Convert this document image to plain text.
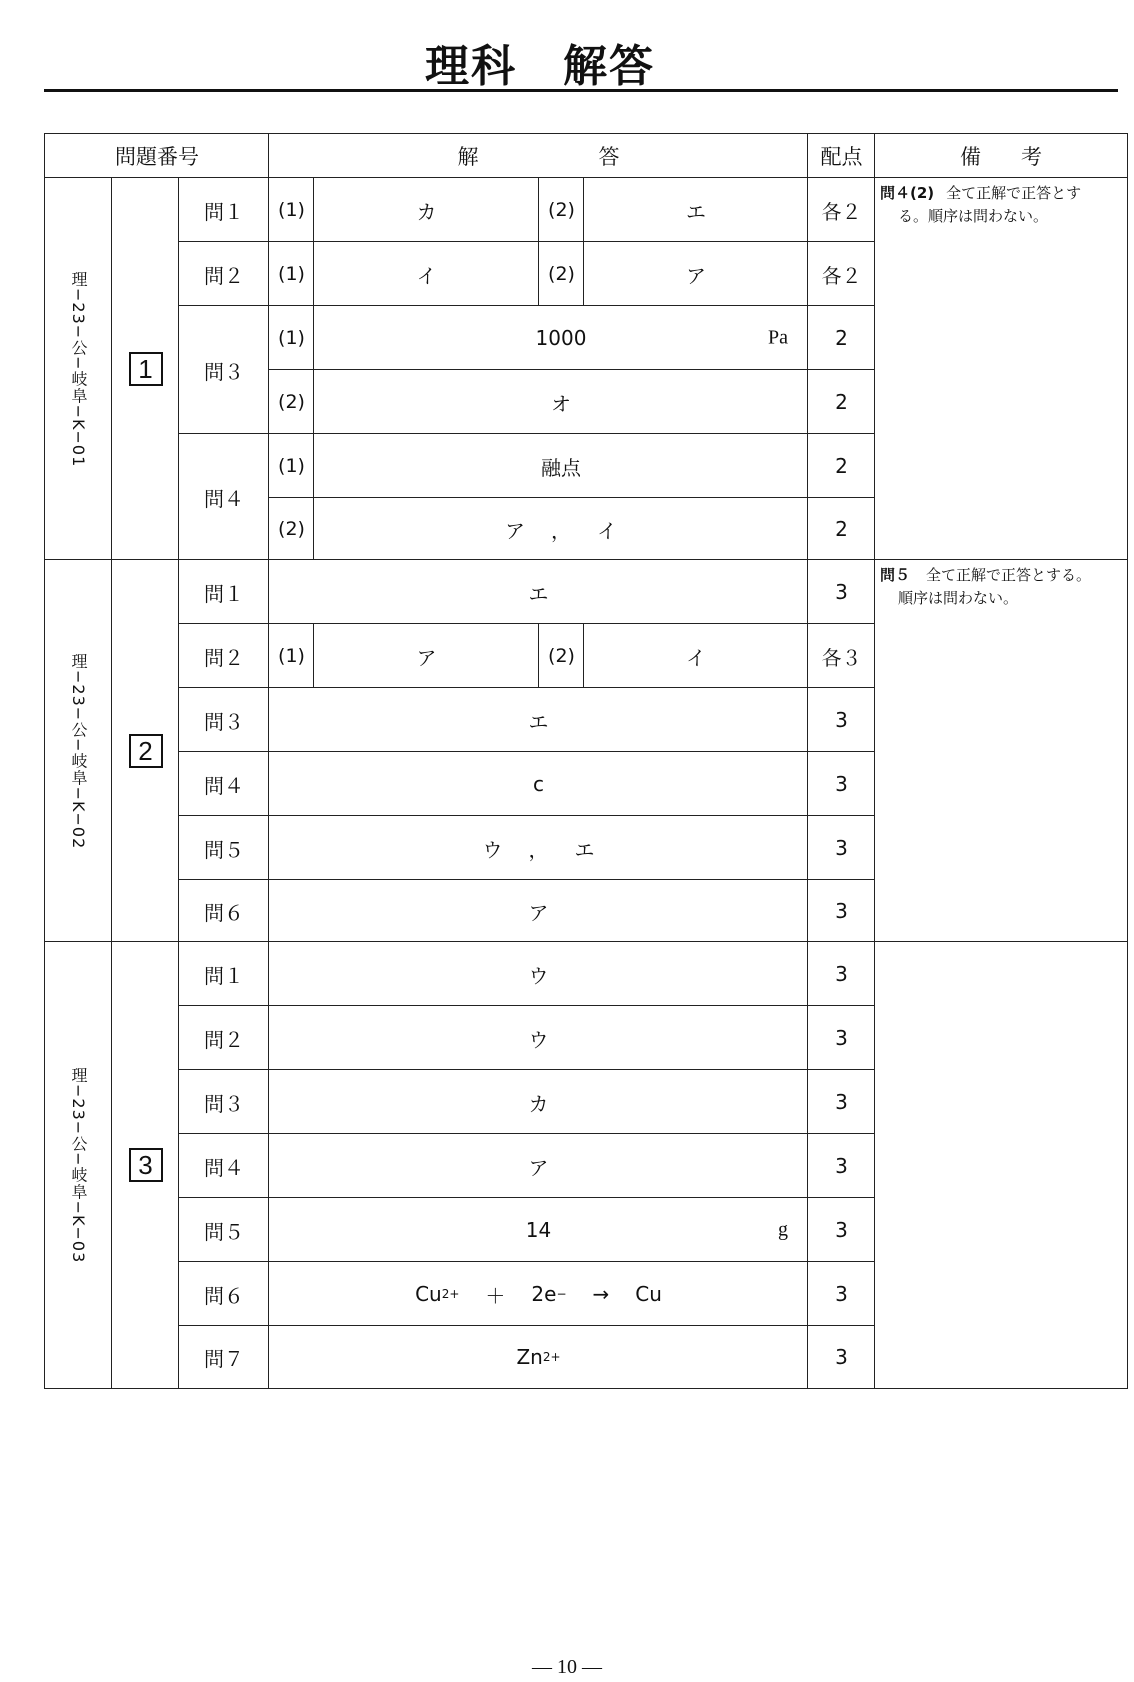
理科　解答
問題番号	解	答	配点	備 考
理−23−公−岐阜−K−01	1
問１	(1)	カ	(2)	エ	各２
問２	(1)	イ	(2)	ア	各２
問３
(1)	1000	Pa	2
(2)	オ	2
問４
(1)	融点	2
(2)	ア ， イ	2
問４(2) 全て正解で正答とす
る。順序は問わない。
理−23−公−岐阜−K−02	2
問１	エ	3
問２	(1)	ア	(2)	イ	各３
問３	エ	3
問４	c	3
問５	ウ ， エ	3
問６	ア	3
問５ 全て正解で正答とする。
順序は問わない。
理−23−公−岐阜−K−03	3
問１	ウ	3
問２	ウ	3
問３	カ	3
問４	ア	3
問５	14	g	3
問６	Cu 2+ ＋ 2e − → Cu	3
問７	Zn 2+	3
― 10 ―
